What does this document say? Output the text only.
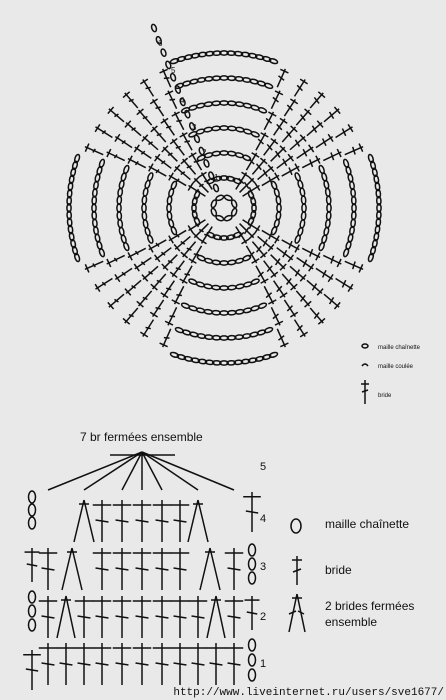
1
2
3
4
5
6
maille chaînette
maille coulée
bride
7 br fermées ensemble
5
4
3
2
1
maille chaînette
bride
2 brides fermées
ensemble
http://www.liveinternet.ru/users/sve1677/
